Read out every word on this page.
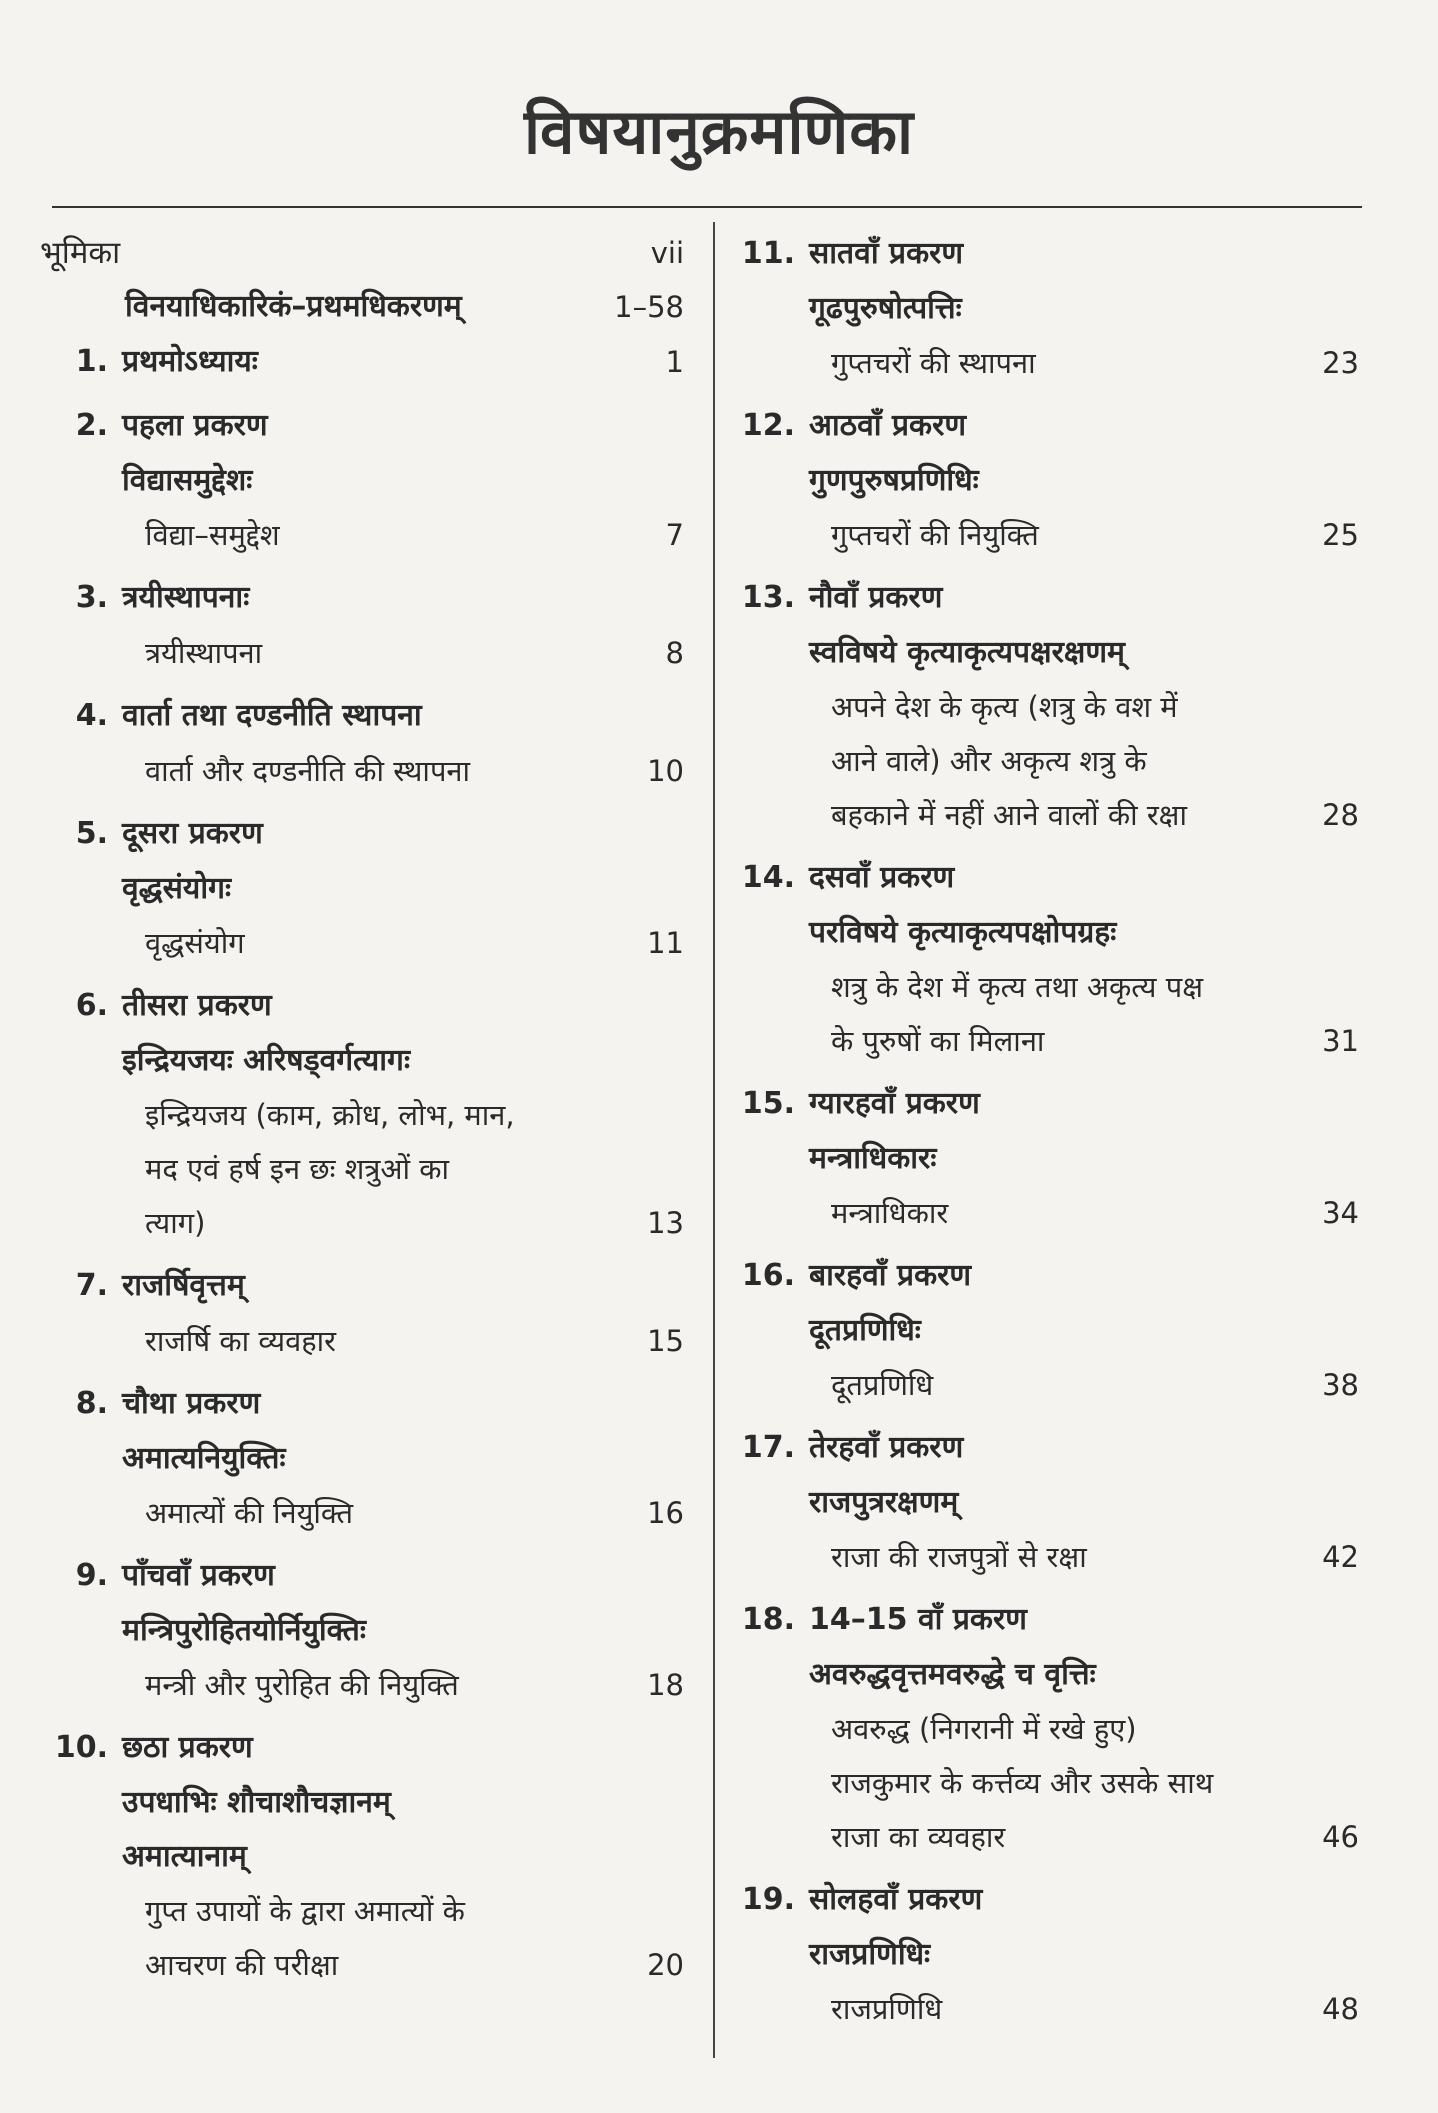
विषयानुक्रमणिका
भूमिका	vii
विनयाधिकारिकं–प्रथमधिकरणम्	1–58
1. प्रथमोऽध्यायः	1
2. पहला प्रकरण
विद्यासमुद्देशः
विद्या–समुद्देश	7
3. त्रयीस्थापनाः
त्रयीस्थापना	8
4. वार्ता तथा दण्डनीति स्थापना
वार्ता और दण्डनीति की स्थापना	10
5. दूसरा प्रकरण
वृद्धसंयोगः
वृद्धसंयोग	11
6. तीसरा प्रकरण
इन्द्रियजयः अरिषड्वर्गत्यागः
इन्द्रियजय (काम, क्रोध, लोभ, मान,
मद एवं हर्ष इन छः शत्रुओं का
त्याग)	13
7. राजर्षिवृत्तम्
राजर्षि का व्यवहार	15
8. चौथा प्रकरण
अमात्यनियुक्तिः
अमात्यों की नियुक्ति	16
9. पाँचवाँ प्रकरण
मन्त्रिपुरोहितयोर्नियुक्तिः
मन्त्री और पुरोहित की नियुक्ति	18
10. छठा प्रकरण
उपधाभिः शौचाशौचज्ञानम्
अमात्यानाम्
गुप्त उपायों के द्वारा अमात्यों के
आचरण की परीक्षा	20
11. सातवाँ प्रकरण
गूढपुरुषोत्पत्तिः
गुप्तचरों की स्थापना	23
12. आठवाँ प्रकरण
गुणपुरुषप्रणिधिः
गुप्तचरों की नियुक्ति	25
13. नौवाँ प्रकरण
स्वविषये कृत्याकृत्यपक्षरक्षणम्
अपने देश के कृत्य (शत्रु के वश में
आने वाले) और अकृत्य शत्रु के
बहकाने में नहीं आने वालों की रक्षा	28
14. दसवाँ प्रकरण
परविषये कृत्याकृत्यपक्षोपग्रहः
शत्रु के देश में कृत्य तथा अकृत्य पक्ष
के पुरुषों का मिलाना	31
15. ग्यारहवाँ प्रकरण
मन्त्राधिकारः
मन्त्राधिकार	34
16. बारहवाँ प्रकरण
दूतप्रणिधिः
दूतप्रणिधि	38
17. तेरहवाँ प्रकरण
राजपुत्ररक्षणम्
राजा की राजपुत्रों से रक्षा	42
18. 14–15 वाँ प्रकरण
अवरुद्धवृत्तमवरुद्धे च वृत्तिः
अवरुद्ध (निगरानी में रखे हुए)
राजकुमार के कर्त्तव्य और उसके साथ
राजा का व्यवहार	46
19. सोलहवाँ प्रकरण
राजप्रणिधिः
राजप्रणिधि	48
